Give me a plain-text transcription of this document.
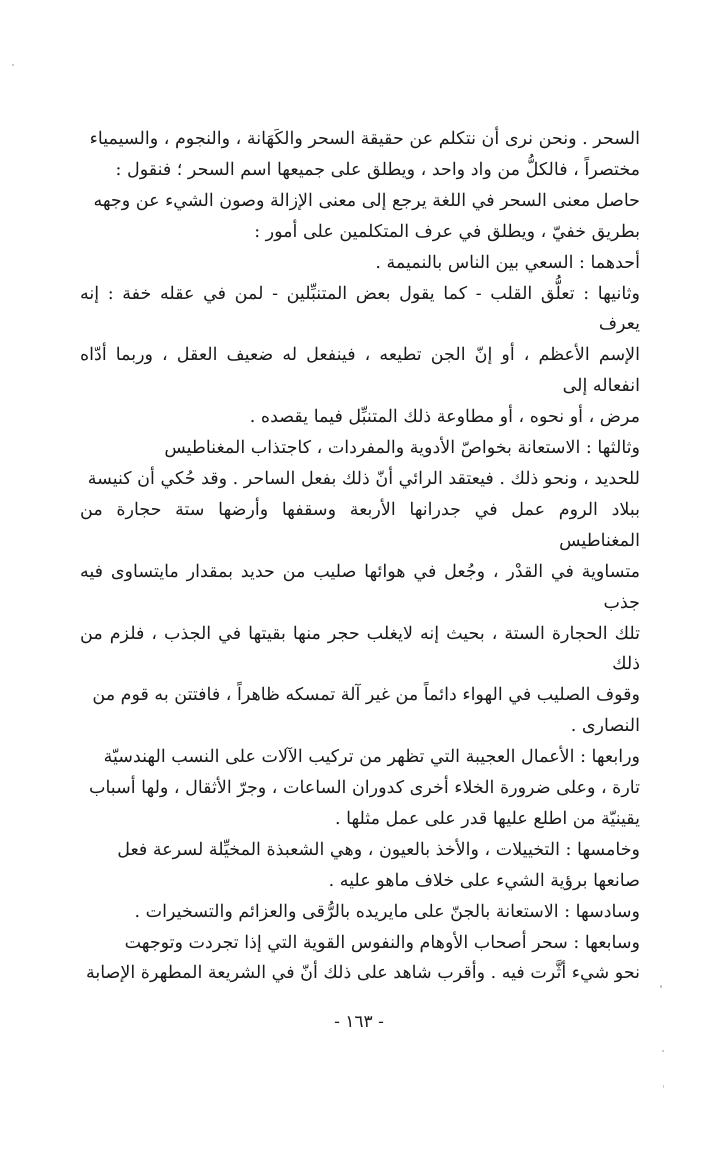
السحر . ونحن نرى أن نتكلم عن حقيقة السحر والكَهَانة ، والنجوم ، والسيمياء
مختصراً ، فالكلُّ من واد واحد ، ويطلق على جميعها اسم السحر ؛ فنقول :
حاصل معنى السحر في اللغة يرجع إلى معنى الإزالة وصون الشيء عن وجهه
بطريق خفيّ ، ويطلق في عرف المتكلمين على أمور :

أحدهما : السعي بين الناس بالنميمة .

وثانيها : تعلُّق القلب - كما يقول بعض المتنبِّلين - لمن في عقله خفة : إنه يعرف
الإسم الأعظم ، أو إنّ الجن تطيعه ، فينفعل له ضعيف العقل ، وربما أدّاه انفعاله إلى
مرض ، أو نحوه ، أو مطاوعة ذلك المتنبِّل فيما يقصده .

وثالثها : الاستعانة بخواصّ الأدوية والمفردات ، كاجتذاب المغناطيس
للحديد ، ونحو ذلك . فيعتقد الرائي أنّ ذلك بفعل الساحر . وقد حُكي أن كنيسة
ببلاد الروم عمل في جدرانها الأربعة وسقفها وأرضها ستة حجارة من المغناطيس
متساوية في القدْر ، وجُعل في هوائها صليب من حديد بمقدار مايتساوى فيه جذب
تلك الحجارة الستة ، بحيث إنه لايغلب حجر منها بقيتها في الجذب ، فلزم من ذلك
وقوف الصليب في الهواء دائماً من غير آلة تمسكه ظاهراً ، فافتتن به قوم من
النصارى .

ورابعها : الأعمال العجيبة التي تظهر من تركيب الآلات على النسب الهندسيّة
تارة ، وعلى ضرورة الخلاء أخرى كدوران الساعات ، وجرّ الأثقال ، ولها أسباب
يقينيّة من اطلع عليها قدر على عمل مثلها .

وخامسها : التخييلات ، والأخذ بالعيون ، وهي الشعبذة المخيِّلة لسرعة فعل
صانعها برؤية الشيء على خلاف ماهو عليه .

وسادسها : الاستعانة بالجنّ على مايريده بالرُّقى والعزائم والتسخيرات .

وسابعها : سحر أصحاب الأوهام والنفوس القوية التي إذا تجردت وتوجهت
نحو شيء أثَّرت فيه . وأقرب شاهد على ذلك أنّ في الشريعة المطهرة الإصابة

- ١٦٣ -
